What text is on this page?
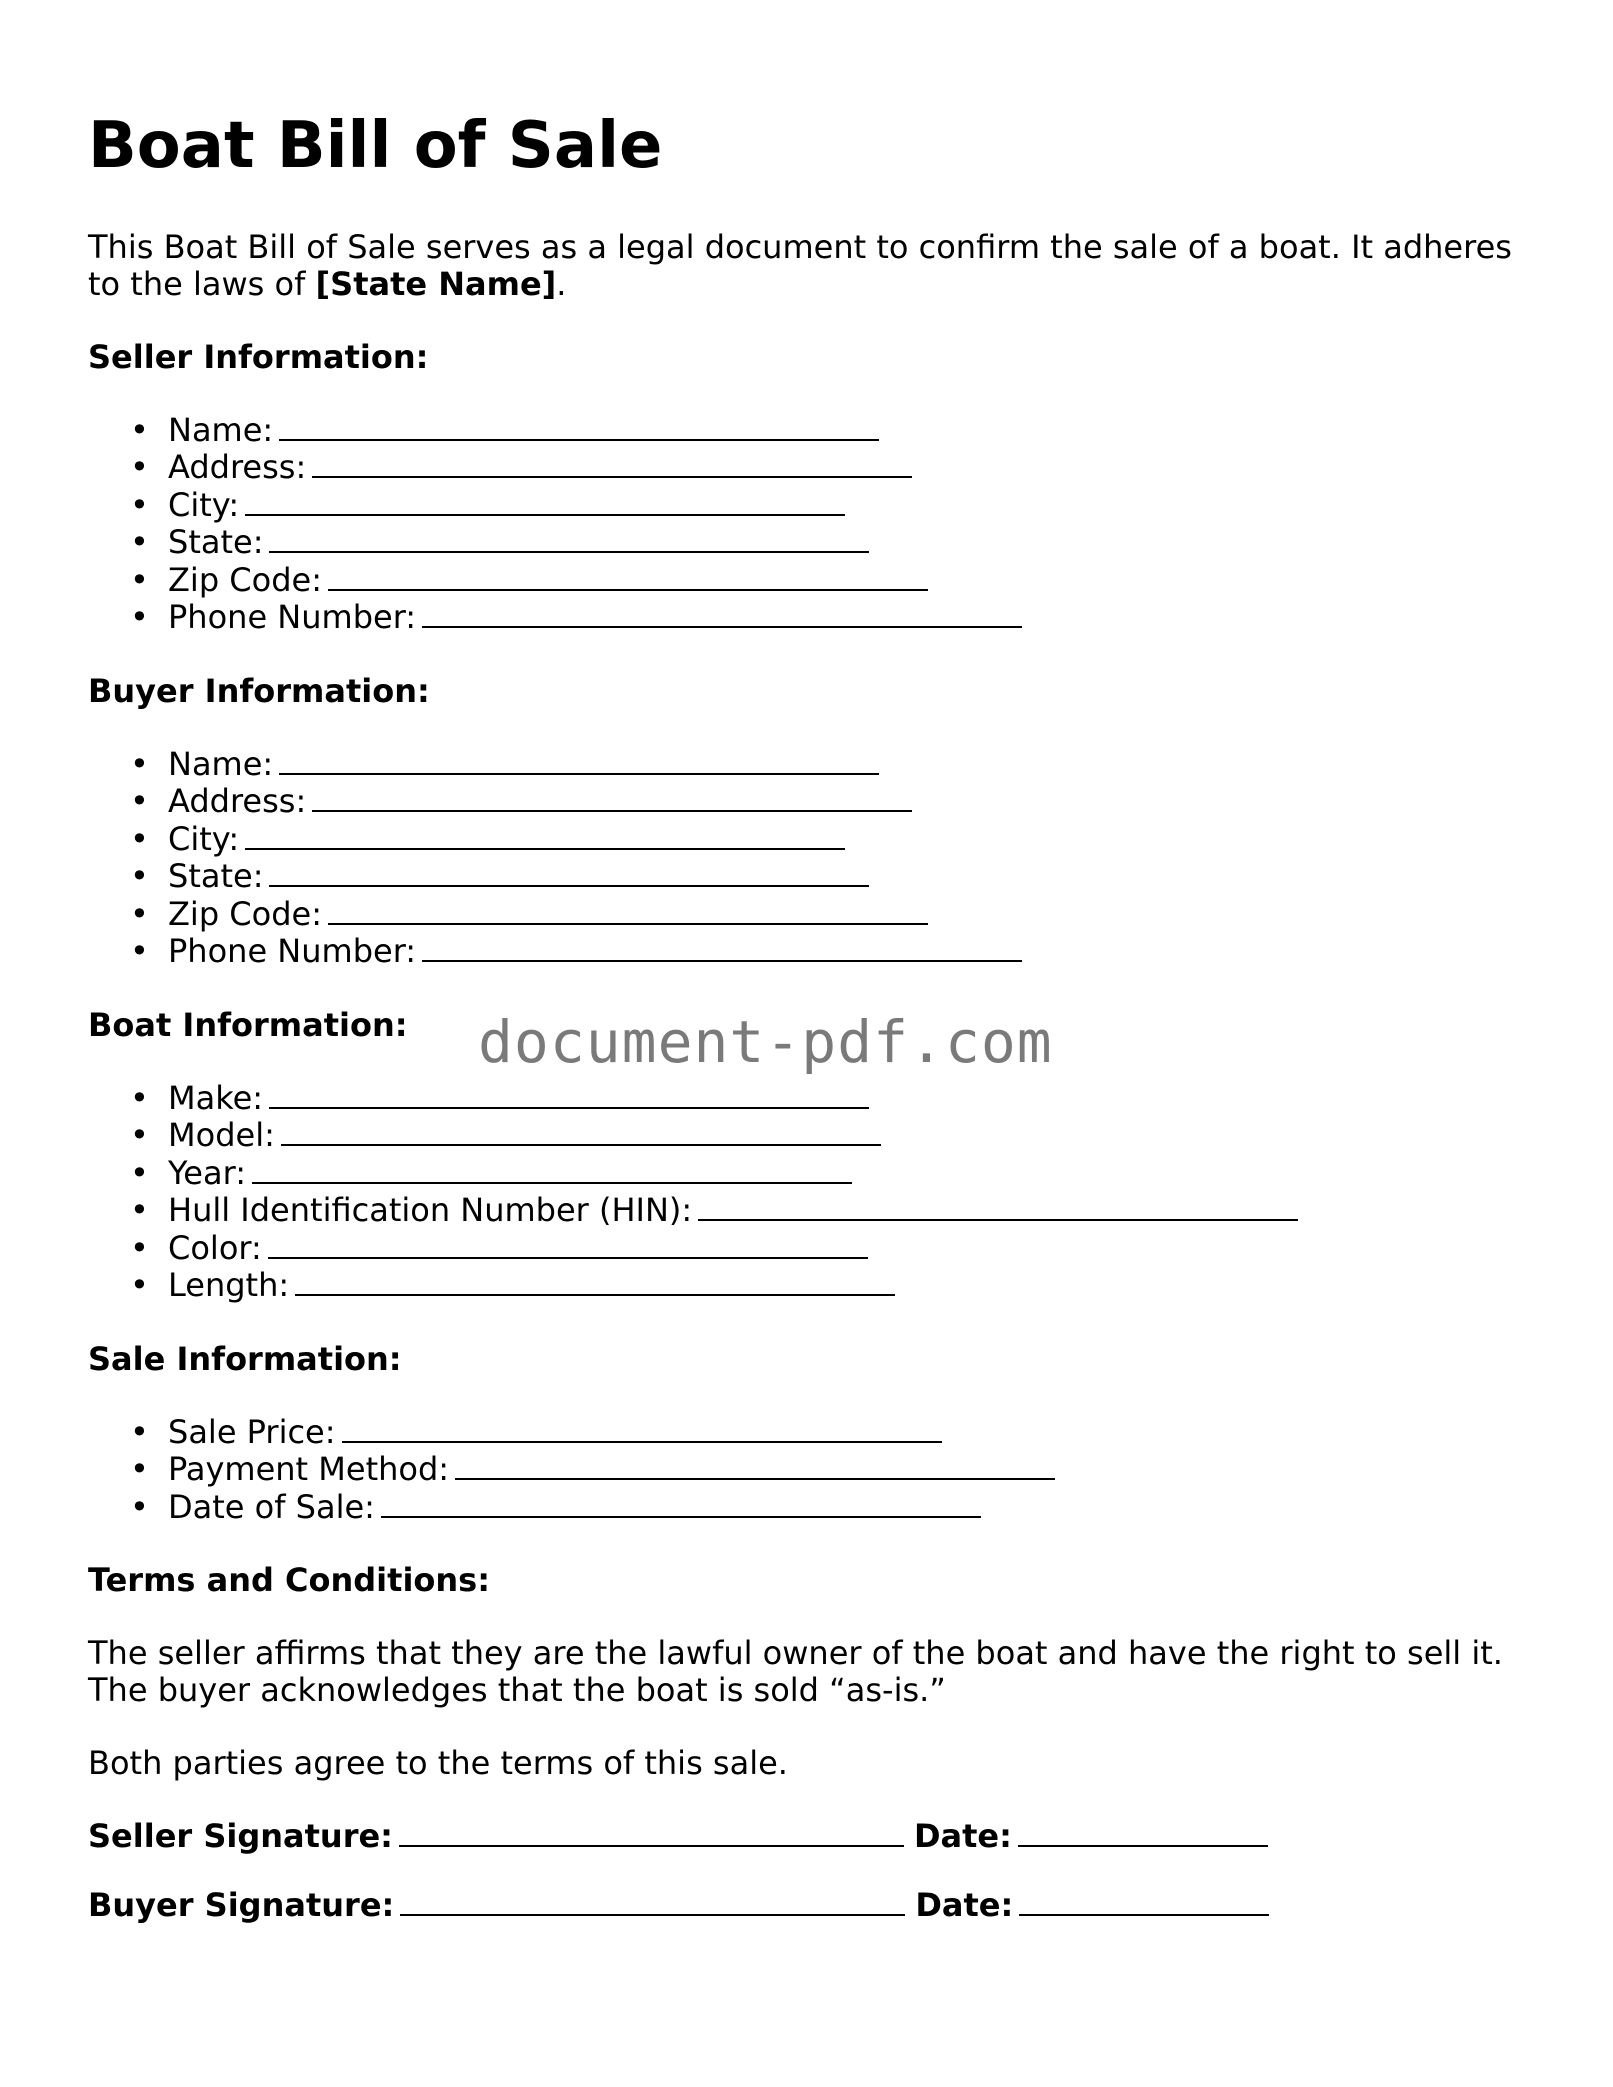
Boat Bill of Sale

This Boat Bill of Sale serves as a legal document to confirm the sale of a boat. It adheres to the laws of [State Name].

Seller Information:
• Name:
• Address:
• City:
• State:
• Zip Code:
• Phone Number:
Buyer Information:
• Name:
• Address:
• City:
• State:
• Zip Code:
• Phone Number:
Boat Information:
• Make:
• Model:
• Year:
• Hull Identification Number (HIN):
• Color:
• Length:
Sale Information:
• Sale Price:
• Payment Method:
• Date of Sale:
Terms and Conditions:

The seller affirms that they are the lawful owner of the boat and have the right to sell it. The buyer acknowledges that the boat is sold “as-is.”

Both parties agree to the terms of this sale.

Seller Signature:	Date:
Buyer Signature:	Date:
document-pdf.com
